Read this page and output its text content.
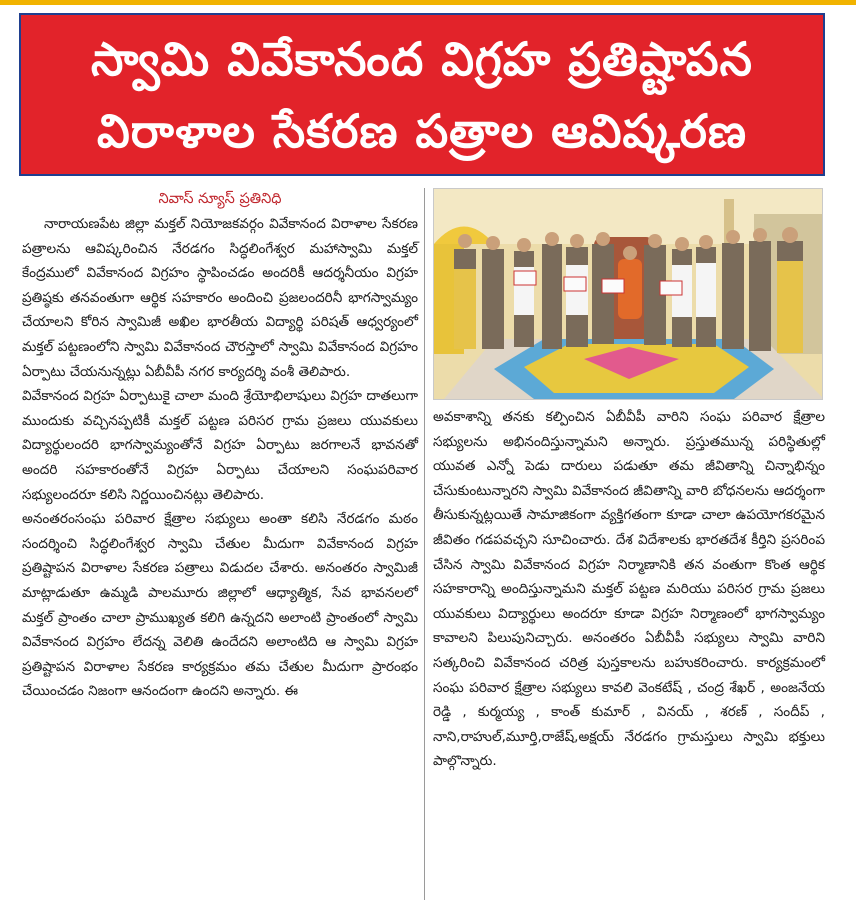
స్వామి వివేకానంద విగ్రహ ప్రతిష్టాపన
విరాళాల సేకరణ పత్రాల ఆవిష్కరణ

నివాస్ న్యూస్ ప్రతినిధి

నారాయణపేట జిల్లా మక్తల్ నియోజకవర్గం వివేకానంద విరాళాల సేకరణ పత్రాలను ఆవిష్కరించిన నేరడగం సిద్ధలింగేశ్వర మహాస్వామి మక్తల్ కేంద్రములో వివేకానంద విగ్రహం స్థాపించడం అందరికీ ఆదర్శనీయం విగ్రహ ప్రతిష్ఠకు తనవంతుగా ఆర్థిక సహకారం అందించి ప్రజలందరినీ భాగస్వామ్యం చేయాలని కోరిన స్వామిజీ అఖిల భారతీయ విద్యార్థి పరిషత్ ఆధ్వర్యంలో మక్తల్ పట్టణంలోని స్వామి వివేకానంద చౌరస్తాలో స్వామి వివేకానంద విగ్రహం ఏర్పాటు చేయనున్నట్లు ఏబీవీపీ నగర కార్యదర్శి వంశీ తెలిపారు.

వివేకానంద విగ్రహ ఏర్పాటుకై చాలా మంది శ్రేయోభిలాషులు విగ్రహ దాతలుగా ముందుకు వచ్చినప్పటికీ మక్తల్ పట్టణ పరిసర గ్రామ ప్రజలు యువకులు విద్యార్థులందరి భాగస్వామ్యంతోనే విగ్రహ ఏర్పాటు జరగాలనే భావనతో అందరి సహకారంతోనే విగ్రహ ఏర్పాటు చేయాలని సంఘపరివార సభ్యులందరూ కలిసి నిర్ణయించినట్లు తెలిపారు.

అనంతరంసంఘ పరివార క్షేత్రాల సభ్యులు అంతా కలిసి నేరడగం మఠం సందర్శించి సిద్ధలింగేశ్వర స్వామి చేతుల మీదుగా వివేకానంద విగ్రహ ప్రతిష్టాపన విరాళాల సేకరణ పత్రాలు విడుదల చేశారు. అనంతరం స్వామిజీ మాట్లాడుతూ ఉమ్మడి పాలమూరు జిల్లాలో ఆధ్యాత్మిక, సేవ భావనలలో మక్తల్ ప్రాంతం చాలా ప్రాముఖ్యత కలిగి ఉన్నదని అలాంటి ప్రాంతంలో స్వామి వివేకానంద విగ్రహం లేదన్న వెలితి ఉందేదని అలాంటిది ఆ స్వామి విగ్రహ ప్రతిష్టాపన విరాళాల సేకరణ కార్యక్రమం తమ చేతుల మీదుగా ప్రారంభం చేయించడం నిజంగా ఆనందంగా ఉందని అన్నారు. ఈ

అవకాశాన్ని తనకు కల్పించిన ఏబీవీపీ వారిని సంఘ పరివార క్షేత్రాల సభ్యులను అభినందిస్తున్నామని అన్నారు. ప్రస్తుతమున్న పరిస్థితుల్లో యువత ఎన్నో పెడు దారులు పడుతూ తమ జీవితాన్ని చిన్నాభిన్నం చేసుకుంటున్నారని స్వామి వివేకానంద జీవితాన్ని వారి బోధనలను ఆదర్శంగా తీసుకున్నట్లయితే సామాజికంగా వ్యక్తిగతంగా కూడా చాలా ఉపయోగకరమైన జీవితం గడపవచ్చని సూచించారు. దేశ విదేశాలకు భారతదేశ కీర్తిని ప్రసరింప చేసిన స్వామి వివేకానంద విగ్రహ నిర్మాణానికి తన వంతుగా కొంత ఆర్థిక సహకారాన్ని అందిస్తున్నామని మక్తల్ పట్టణ మరియు పరిసర గ్రామ ప్రజలు యువకులు విద్యార్థులు అందరూ కూడా విగ్రహ నిర్మాణంలో భాగస్వామ్యం కావాలని పిలుపునిచ్చారు. అనంతరం ఏబీవీపీ సభ్యులు స్వామి వారిని సత్కరించి వివేకానంద చరిత్ర పుస్తకాలను బహుకరించారు. కార్యక్రమంలో సంఘ పరివార క్షేత్రాల సభ్యులు కావలి వెంకటేష్ , చంద్ర శేఖర్ , అంజనేయ రెడ్డి , కుర్మయ్య , కాంత్ కుమార్ , వినయ్ , శరణ్ , సందీప్ , నాని,రాహుల్,మూర్తి,రాజేష్,అక్షయ్ నేరడగం గ్రామస్తులు స్వామి భక్తులు పాల్గొన్నారు.
